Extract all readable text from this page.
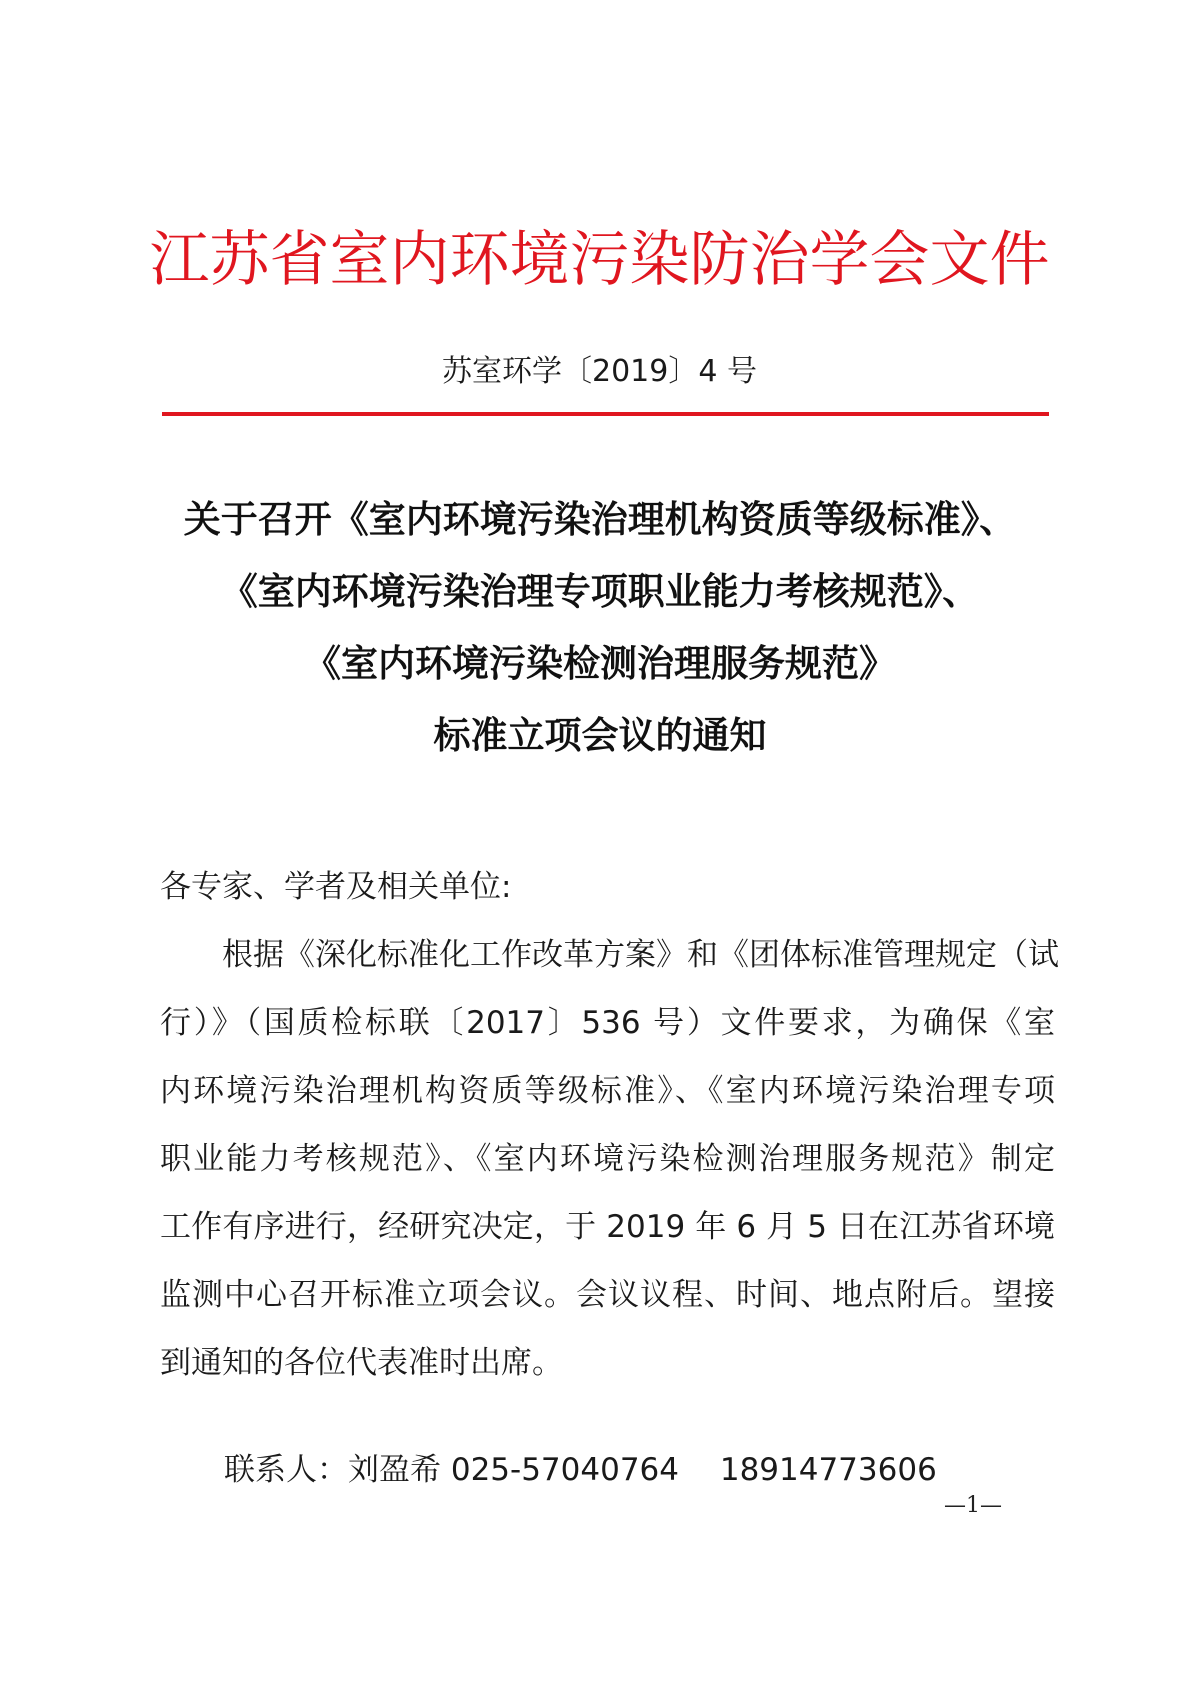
江苏省室内环境污染防治学会文件
苏室环学〔2019〕4 号
关于召开《室内环境污染治理机构资质等级标准》、
《室内环境污染治理专项职业能力考核规范》、
《室内环境污染检测治理服务规范》
标准立项会议的通知
各专家、学者及相关单位:
　　根据《深化标准化工作改革方案》和《团体标准管理规定（试
行）》（国质检标联〔2017〕536 号）文件要求，为确保《室
内环境污染治理机构资质等级标准》、《室内环境污染治理专项
职业能力考核规范》、《室内环境污染检测治理服务规范》制定
工作有序进行，经研究决定，于 2019 年 6 月 5 日在江苏省环境
监测中心召开标准立项会议。会议议程、时间、地点附后。望接
到通知的各位代表准时出席。
联系人：刘盈希 025-57040764　 18914773606
—1—
